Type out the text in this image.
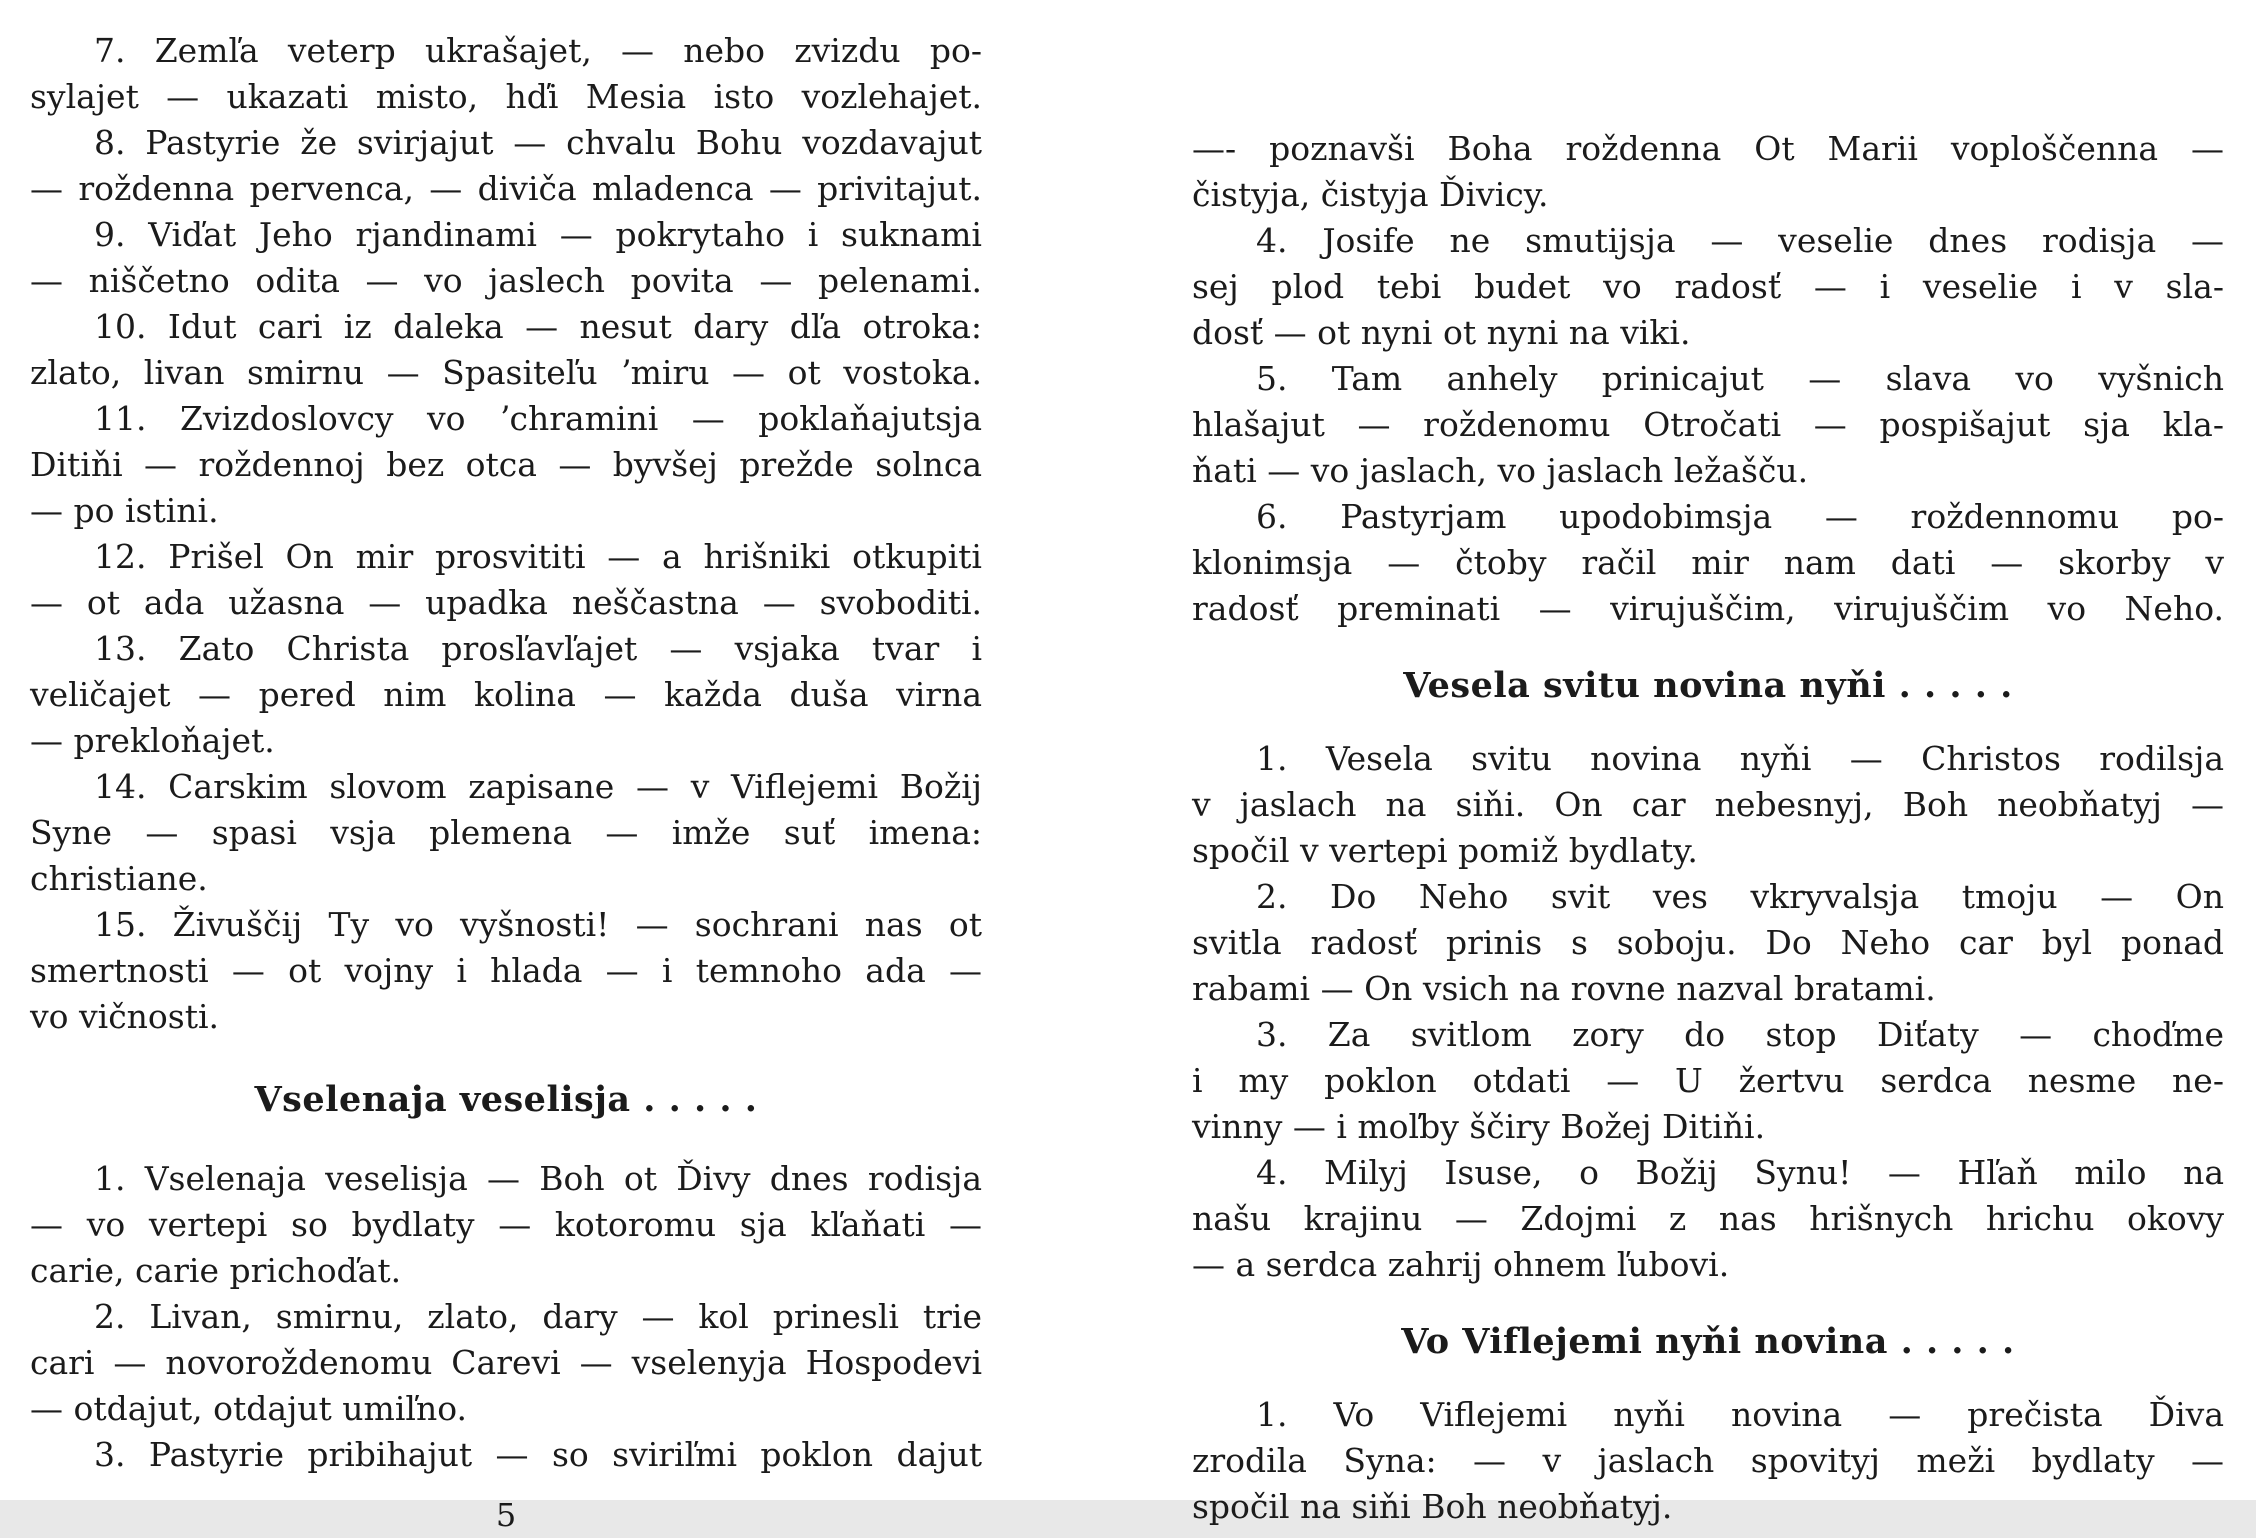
7. Zemľa veterp ukrašajet, — nebo zvizdu po-
sylajet — ukazati misto, hďi Mesia isto vozlehajet.
8. Pastyrie že svirjajut — chvalu Bohu vozdavajut
— roždenna pervenca, — diviča mladenca — privitajut.
9. Viďat Jeho rjandinami — pokrytaho i suknami
— niščetno odita — vo jaslech povita — pelenami.
10. Idut cari iz daleka — nesut dary dľa otroka:
zlato, livan smirnu — Spasiteľu ʼmiru — ot vostoka.
11. Zvizdoslovcy vo ʼchramini — poklaňajutsja
Ditiňi — roždennoj bez otca — byvšej prežde solnca
— po istini.
12. Prišel On mir prosvititi — a hrišniki otkupiti
— ot ada užasna — upadka neščastna — svoboditi.
13. Zato Christa prosľavľajet — vsjaka tvar i
veličajet — pered nim kolina — každa duša virna
— prekloňajet.
14. Carskim slovom zapisane — v Viflejemi Božij
Syne — spasi vsja plemena — imže suť imena: christiane.
15. Živuščij Ty vo vyšnosti! — sochrani nas ot
smertnosti — ot vojny i hlada — i temnoho ada —
vo vičnosti.
Vselenaja veselisja . . . . .
1. Vselenaja veselisja — Boh ot Ďivy dnes rodisja
— vo vertepi so bydlaty — kotoromu sja kľaňati —
carie, carie prichoďat.
2. Livan, smirnu, zlato, dary — kol prinesli trie
cari — novoroždenomu Carevi — vselenyja Hospodevi
— otdajut, otdajut umiľno.
3. Pastyrie pribihajut — so sviriľmi poklon dajut
5
—- poznavši Boha roždenna Ot Marii voploščenna —
čistyja, čistyja Ďivicy.
4. Josife ne smutijsja — veselie dnes rodisja —
sej plod tebi budet vo radosť — i veselie i v sla-
dosť — ot nyni ot nyni na viki.
5. Tam anhely prinicajut — slava vo vyšnich
hlašajut — roždenomu Otročati — pospišajut sja kla-
ňati — vo jaslach, vo jaslach ležašču.
6. Pastyrjam upodobimsja — roždennomu po-
klonimsja — čtoby račil mir nam dati — skorby v
radosť preminati — virujuščim, virujuščim vo Neho.
Vesela svitu novina nyňi . . . . .
1. Vesela svitu novina nyňi — Christos rodilsja
v jaslach na siňi. On car nebesnyj, Boh neobňatyj —
spočil v vertepi pomiž bydlaty.
2. Do Neho svit ves vkryvalsja tmoju — On
svitla radosť prinis s soboju. Do Neho car byl ponad
rabami — On vsich na rovne nazval bratami.
3. Za svitlom zory do stop Diťaty — choďme
i my poklon otdati — U žertvu serdca nesme ne-
vinny — i moľby ščiry Božej Ditiňi.
4. Milyj Isuse, o Božij Synu! — Hľaň milo na
našu krajinu — Zdojmi z nas hrišnych hrichu okovy
— a serdca zahrij ohnem ľubovi.
Vo Viflejemi nyňi novina . . . . .
1. Vo Viflejemi nyňi novina — prečista Ďiva
zrodila Syna: — v jaslach spovityj meži bydlaty —
spočil na siňi Boh neobňatyj.
